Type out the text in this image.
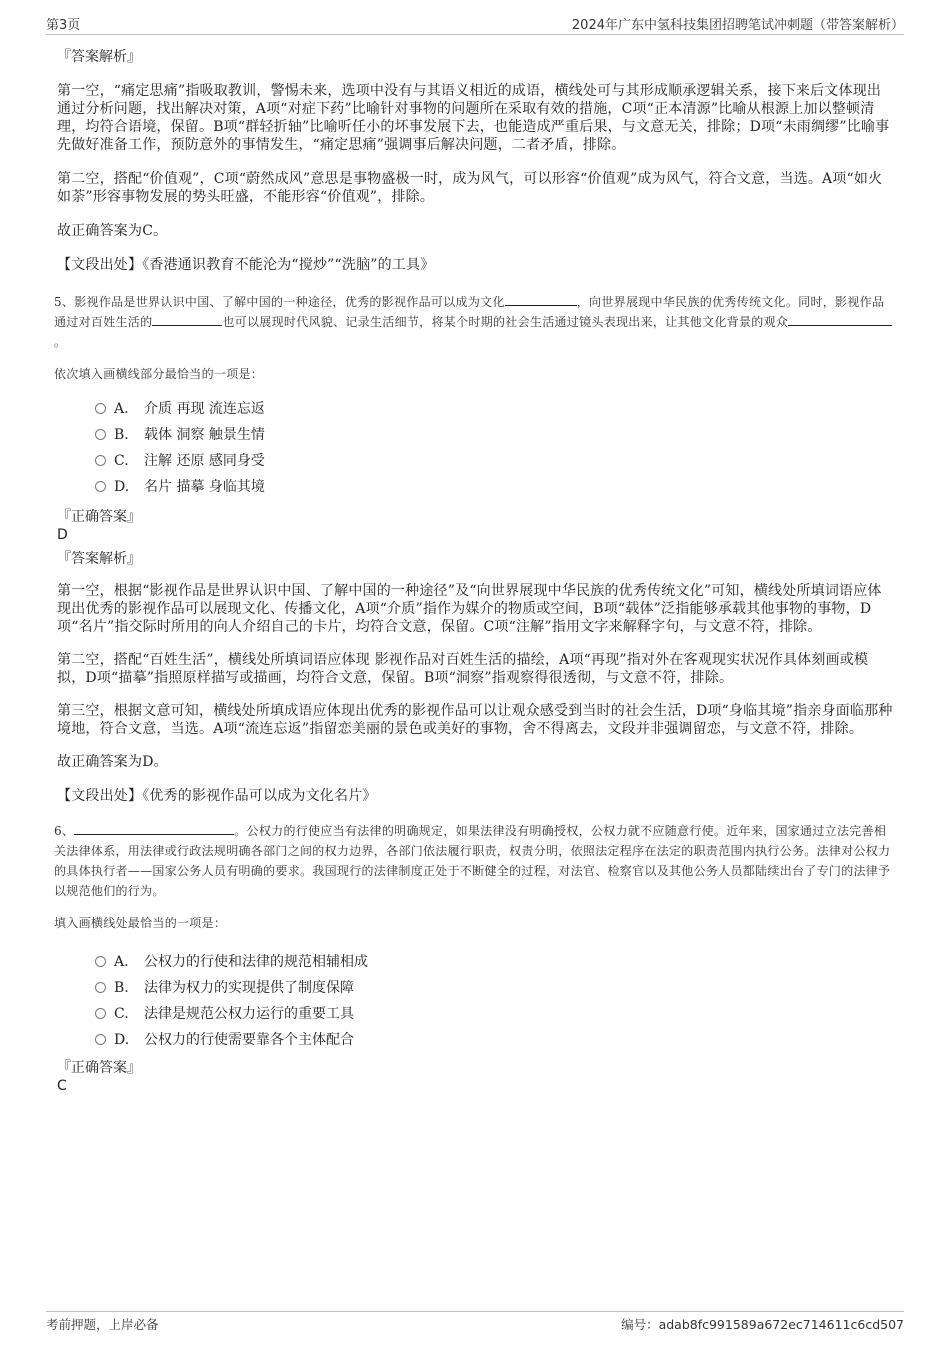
第3页	2024年广东中氢科技集团招聘笔试冲刺题（带答案解析）

『答案解析』

第一空，“痛定思痛”指吸取教训，警惕未来，选项中没有与其语义相近的成语，横线处可与其形成顺承逻辑关系，接下来后文体现出通过分析问题，找出解决对策，A项“对症下药”比喻针对事物的问题所在采取有效的措施，C项“正本清源”比喻从根源上加以整顿清理，均符合语境，保留。B项“群轻折轴”比喻听任小的坏事发展下去，也能造成严重后果，与文意无关，排除；D项“未雨绸缪”比喻事先做好准备工作，预防意外的事情发生，“痛定思痛”强调事后解决问题，二者矛盾，排除。

第二空，搭配“价值观”，C项“蔚然成风”意思是事物盛极一时，成为风气，可以形容“价值观”成为风气，符合文意，当选。A项“如火如荼”形容事物发展的势头旺盛，不能形容“价值观”，排除。

故正确答案为C。

【文段出处】《香港通识教育不能沦为“搅炒”“洗脑”的工具》

5、影视作品是世界认识中国、了解中国的一种途径，优秀的影视作品可以成为文化	，向世界展现中华民族的优秀传统文化。同时，影视作品通过对百姓生活的	也可以展现时代风貌、记录生活细节，将某个时期的社会生活通过镜头表现出来，让其他文化背景的观众。

依次填入画横线部分最恰当的一项是：

A. 介质 再现 流连忘返
B. 载体 洞察 触景生情
C. 注解 还原 感同身受
D. 名片 描摹 身临其境

『正确答案』

D

『答案解析』

第一空，根据“影视作品是世界认识中国、了解中国的一种途径”及“向世界展现中华民族的优秀传统文化”可知，横线处所填词语应体现出优秀的影视作品可以展现文化、传播文化，A项“介质”指作为媒介的物质或空间，B项“载体”泛指能够承载其他事物的事物，D项“名片”指交际时所用的向人介绍自己的卡片，均符合文意，保留。C项“注解”指用文字来解释字句，与文意不符，排除。

第二空，搭配“百姓生活”，横线处所填词语应体现 影视作品对百姓生活的描绘，A项“再现”指对外在客观现实状况作具体刻画或模拟，D项“描摹”指照原样描写或描画，均符合文意，保留。B项“洞察”指观察得很透彻，与文意不符，排除。

第三空，根据文意可知，横线处所填成语应体现出优秀的影视作品可以让观众感受到当时的社会生活，D项“身临其境”指亲身面临那种境地，符合文意，当选。A项“流连忘返”指留恋美丽的景色或美好的事物，舍不得离去，文段并非强调留恋，与文意不符，排除。

故正确答案为D。

【文段出处】《优秀的影视作品可以成为文化名片》

6、	。公权力的行使应当有法律的明确规定，如果法律没有明确授权，公权力就不应随意行使。近年来，国家通过立法完善相关法律体系，用法律或行政法规明确各部门之间的权力边界，各部门依法履行职责，权责分明，依照法定程序在法定的职责范围内执行公务。法律对公权力的具体执行者——国家公务人员有明确的要求。我国现行的法律制度正处于不断健全的过程，对法官、检察官以及其他公务人员都陆续出台了专门的法律予以规范他们的行为。

填入画横线处最恰当的一项是：

A. 公权力的行使和法律的规范相辅相成
B. 法律为权力的实现提供了制度保障
C. 法律是规范公权力运行的重要工具
D. 公权力的行使需要靠各个主体配合

『正确答案』

C

考前押题，上岸必备	编号：adab8fc991589a672ec714611c6cd507
